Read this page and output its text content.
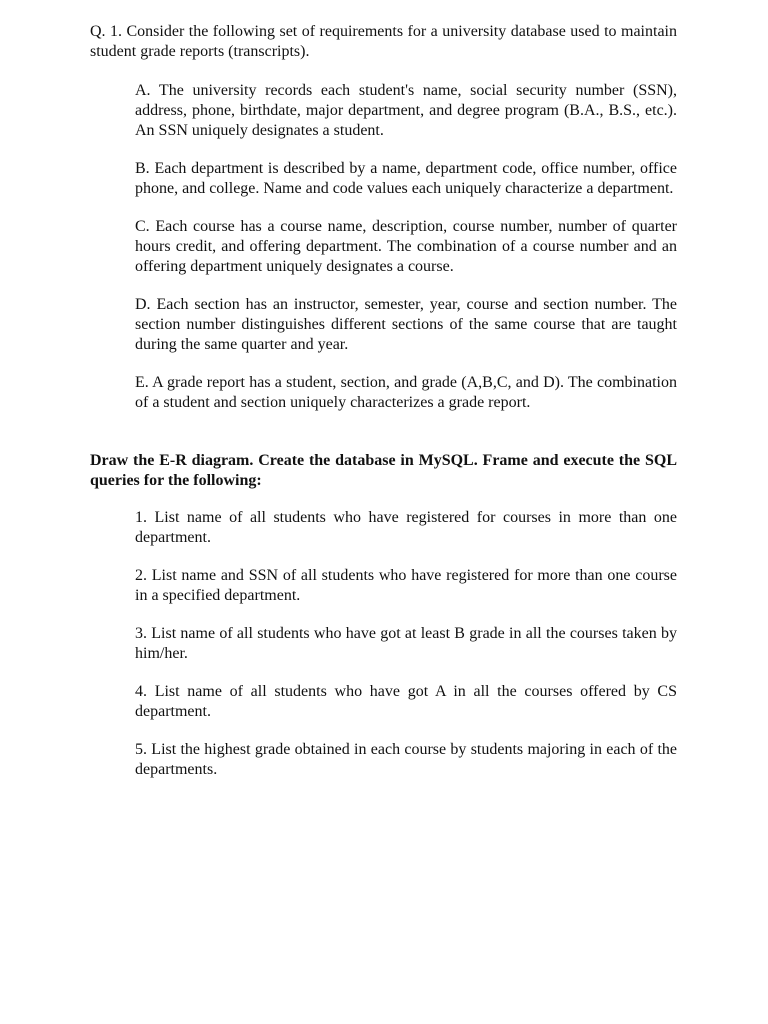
Q. 1. Consider the following set of requirements for a university database used to maintain student grade reports (transcripts).

A. The university records each student's name, social security number (SSN), address, phone, birthdate, major department, and degree program (B.A., B.S., etc.). An SSN uniquely designates a student.
B. Each department is described by a name, department code, office number, office phone, and college. Name and code values each uniquely characterize a department.
C. Each course has a course name, description, course number, number of quarter hours credit, and offering department. The combination of a course number and an offering department uniquely designates a course.
D. Each section has an instructor, semester, year, course and section number. The section number distinguishes different sections of the same course that are taught during the same quarter and year.
E. A grade report has a student, section, and grade (A,B,C, and D). The combination of a student and section uniquely characterizes a grade report.

Draw the E-R diagram. Create the database in MySQL. Frame and execute the SQL queries for the following:

1. List name of all students who have registered for courses in more than one department.
2. List name and SSN of all students who have registered for more than one course in a specified department.
3. List name of all students who have got at least B grade in all the courses taken by him/her.
4. List name of all students who have got A in all the courses offered by CS department.
5. List the highest grade obtained in each course by students majoring in each of the departments.
